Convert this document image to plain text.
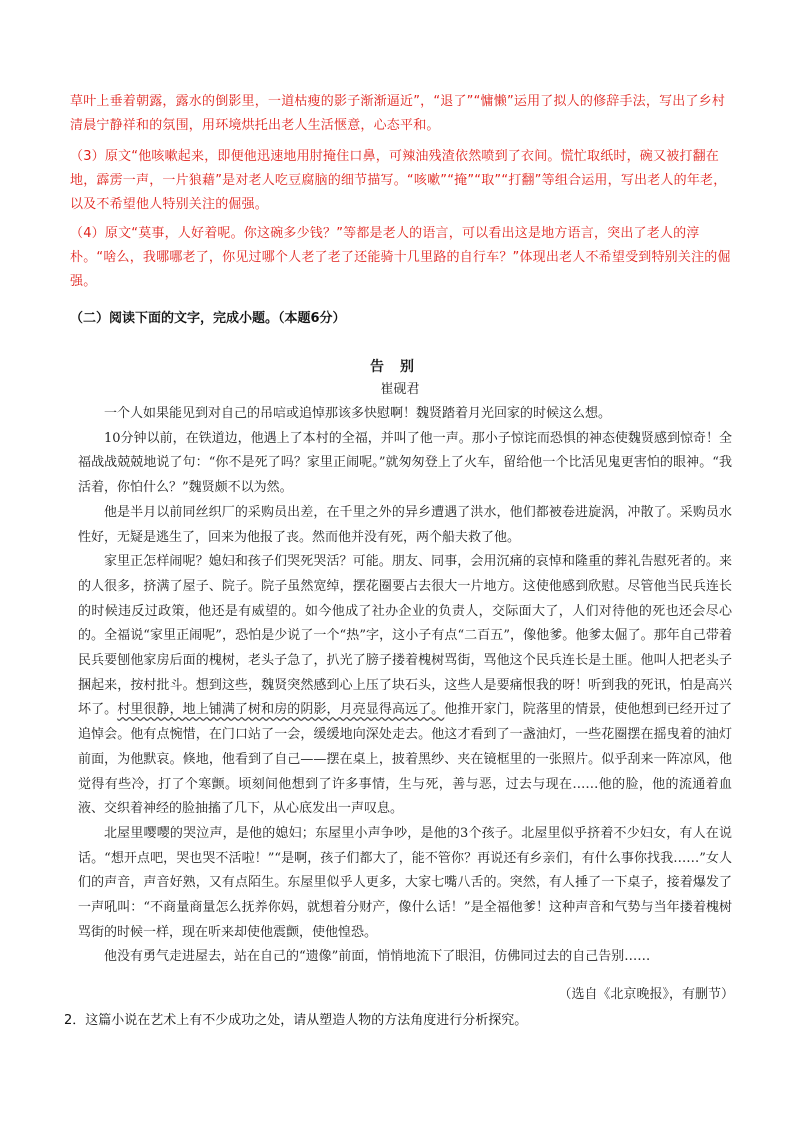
草叶上垂着朝露，露水的倒影里，一道枯瘦的影子渐渐逼近”，“退了”“慵懒”运用了拟人的修辞手法，写出了乡村清晨宁静祥和的氛围，用环境烘托出老人生活惬意，心态平和。

（3）原文“他咳嗽起来，即便他迅速地用肘掩住口鼻，可辣油残渣依然喷到了衣间。慌忙取纸时，碗又被打翻在地，霹雳一声，一片狼藉”是对老人吃豆腐脑的细节描写。“咳嗽”“掩”“取”“打翻”等组合运用，写出老人的年老，以及不希望他人特别关注的倔强。

（4）原文“莫事，人好着呢。你这碗多少钱？”等都是老人的语言，可以看出这是地方语言，突出了老人的淳朴。“啥么，我哪哪老了，你见过哪个人老了老了还能骑十几里路的自行车？”体现出老人不希望受到特别关注的倔强。

（二）阅读下面的文字，完成小题。（本题6分）
告别
崔砚君

一个人如果能见到对自己的吊唁或追悼那该多快慰啊！魏贤踏着月光回家的时候这么想。

10分钟以前，在铁道边，他遇上了本村的全福，并叫了他一声。那小子惊诧而恐惧的神态使魏贤感到惊奇！全福战战兢兢地说了句：“你不是死了吗？家里正闹呢。”就匆匆登上了火车，留给他一个比活见鬼更害怕的眼神。“我活着，你怕什么？”魏贤颇不以为然。

他是半月以前同丝织厂的采购员出差，在千里之外的异乡遭遇了洪水，他们都被卷进旋涡，冲散了。采购员水性好，无疑是逃生了，回来为他报了丧。然而他并没有死，两个船夫救了他。

家里正怎样闹呢？媳妇和孩子们哭死哭活？可能。朋友、同事，会用沉痛的哀悼和隆重的葬礼告慰死者的。来的人很多，挤满了屋子、院子。院子虽然宽绰，摆花圈要占去很大一片地方。这使他感到欣慰。尽管他当民兵连长的时候违反过政策，他还是有威望的。如今他成了社办企业的负责人，交际面大了，人们对待他的死也还会尽心的。全福说“家里正闹呢”，恐怕是少说了一个“热”字，这小子有点“二百五”，像他爹。他爹太倔了。那年自己带着民兵要刨他家房后面的槐树，老头子急了，扒光了膀子搂着槐树骂街，骂他这个民兵连长是土匪。他叫人把老头子捆起来，按村批斗。想到这些，魏贤突然感到心上压了块石头，这些人是要痛恨我的呀！听到我的死讯，怕是高兴坏了。村里很静，地上铺满了树和房的阴影，月亮显得高远了。他推开家门，院落里的情景，使他想到已经开过了追悼会。他有点惋惜，在门口站了一会，缓缓地向深处走去。他这才看到了一盏油灯，一些花圈摆在摇曳着的油灯前面，为他默哀。倏地，他看到了自己——摆在桌上，披着黑纱、夹在镜框里的一张照片。似乎刮来一阵凉风，他觉得有些冷，打了个寒颤。顷刻间他想到了许多事情，生与死，善与恶，过去与现在……他的脸，他的流通着血液、交织着神经的脸抽搐了几下，从心底发出一声叹息。

北屋里嘤嘤的哭泣声，是他的媳妇；东屋里小声争吵，是他的3个孩子。北屋里似乎挤着不少妇女，有人在说话。“想开点吧，哭也哭不活啦！”“是啊，孩子们都大了，能不管你？再说还有乡亲们，有什么事你找我……”女人们的声音，声音好熟，又有点陌生。东屋里似乎人更多，大家七嘴八舌的。突然，有人捶了一下桌子，接着爆发了一声吼叫：“不商量商量怎么抚养你妈，就想着分财产，像什么话！”是全福他爹！这种声音和气势与当年搂着槐树骂街的时候一样，现在听来却使他震颤，使他惶恐。

他没有勇气走进屋去，站在自己的“遗像”前面，悄悄地流下了眼泪，仿佛同过去的自己告别……

（选自《北京晚报》，有删节）
2．这篇小说在艺术上有不少成功之处，请从塑造人物的方法角度进行分析探究。
